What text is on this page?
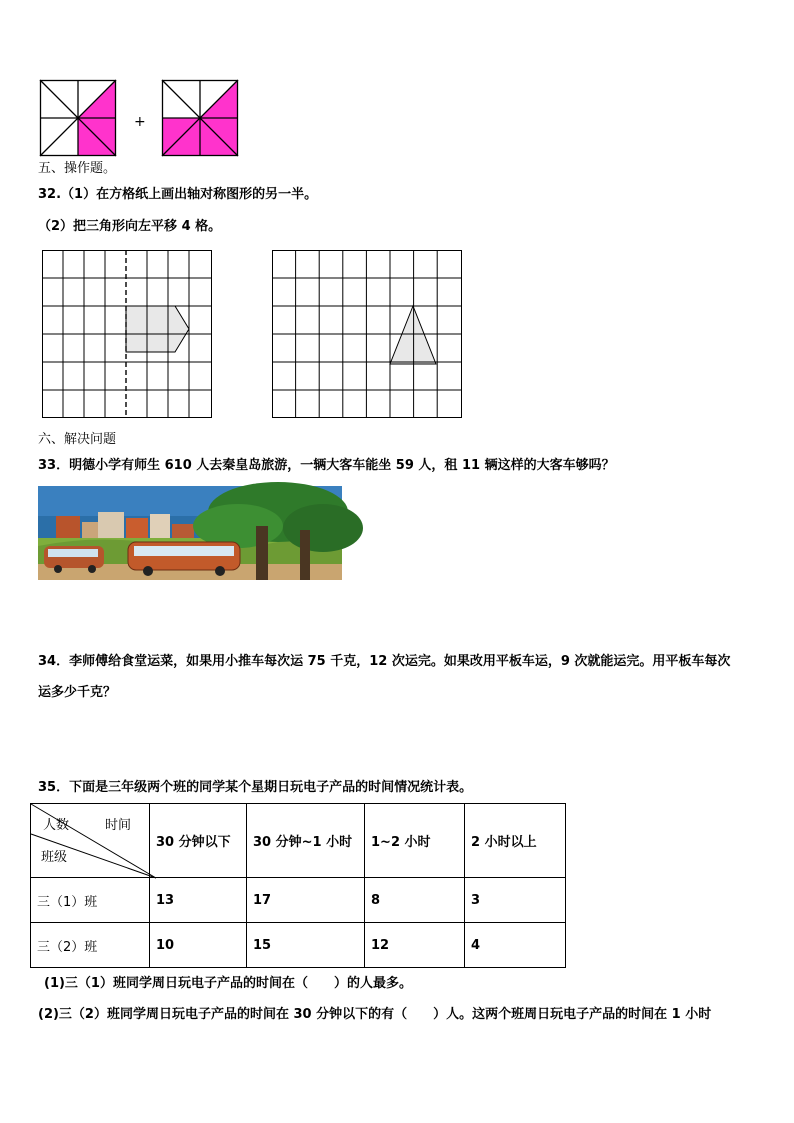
+
五、操作题。
32.（1）在方格纸上画出轴对称图形的另一半。
（2）把三角形向左平移 4 格。
六、解决问题
33．明德小学有师生 610 人去秦皇岛旅游，一辆大客车能坐 59 人，租 11 辆这样的大客车够吗？
34．李师傅给食堂运菜，如果用小推车每次运 75 千克，12 次运完。如果改用平板车运，9 次就能运完。用平板车每次
运多少千克？
35．下面是三年级两个班的同学某个星期日玩电子产品的时间情况统计表。
人数 时间
班级	30 分钟以下	30 分钟~1 小时	1~2 小时	2 小时以上
三（1）班	13	17	8	3
三（2）班	10	15	12	4
(1)三（1）班同学周日玩电子产品的时间在（　　）的人最多。
(2)三（2）班同学周日玩电子产品的时间在 30 分钟以下的有（　　）人。这两个班周日玩电子产品的时间在 1 小时
